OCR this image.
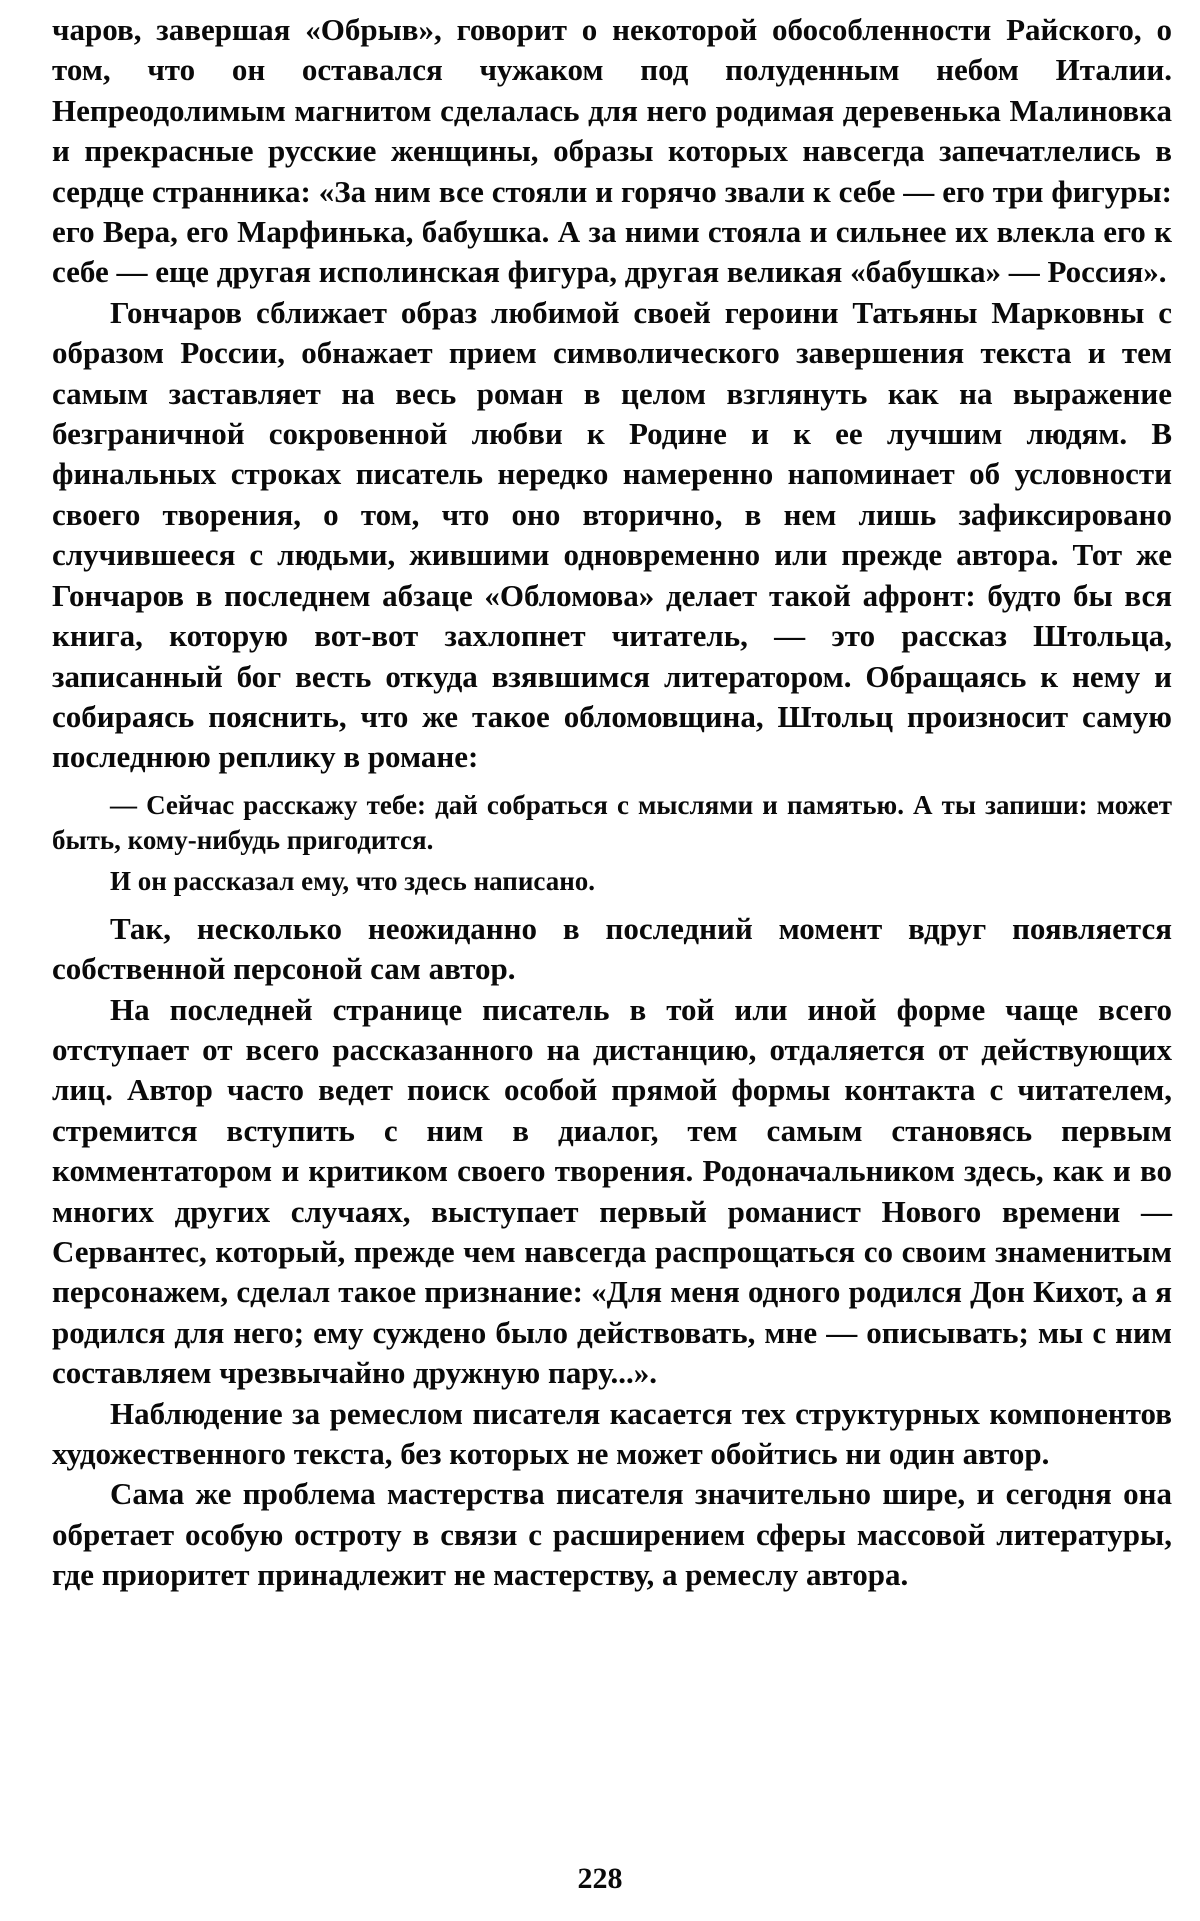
чаров, завершая «Обрыв», говорит о некоторой обособленности Райского, о том, что он оставался чужаком под полуденным небом Италии. Непреодолимым магнитом сделалась для него родимая деревенька Малиновка и прекрасные русские женщины, образы которых навсегда запечатлелись в сердце странника: «За ним все стояли и горячо звали к себе — его три фигуры: его Вера, его Марфинька, бабушка. А за ними стояла и сильнее их влекла его к себе — еще другая исполинская фигура, другая великая «бабушка» — Россия».

Гончаров сближает образ любимой своей героини Татьяны Марковны с образом России, обнажает прием символического завершения текста и тем самым заставляет на весь роман в целом взглянуть как на выражение безграничной сокровенной любви к Родине и к ее лучшим людям. В финальных строках писатель нередко намеренно напоминает об условности своего творения, о том, что оно вторично, в нем лишь зафиксировано случившееся с людьми, жившими одновременно или прежде автора. Тот же Гончаров в последнем абзаце «Обломова» делает такой афронт: будто бы вся книга, которую вот-вот захлопнет читатель, — это рассказ Штольца, записанный бог весть откуда взявшимся литератором. Обращаясь к нему и собираясь пояснить, что же такое обломовщина, Штольц произносит самую последнюю реплику в романе:

— Сейчас расскажу тебе: дай собраться с мыслями и памятью. А ты запиши: может быть, кому-нибудь пригодится.

И он рассказал ему, что здесь написано.

Так, несколько неожиданно в последний момент вдруг появляется собственной персоной сам автор.

На последней странице писатель в той или иной форме чаще всего отступает от всего рассказанного на дистанцию, отдаляется от действующих лиц. Автор часто ведет поиск особой прямой формы контакта с читателем, стремится вступить с ним в диалог, тем самым становясь первым комментатором и критиком своего творения. Родоначальником здесь, как и во многих других случаях, выступает первый романист Нового времени — Сервантес, который, прежде чем навсегда распрощаться со своим знаменитым персонажем, сделал такое признание: «Для меня одного родился Дон Кихот, а я родился для него; ему суждено было действовать, мне — описывать; мы с ним составляем чрезвычайно дружную пару...».

Наблюдение за ремеслом писателя касается тех структурных компонентов художественного текста, без которых не может обойтись ни один автор.

Сама же проблема мастерства писателя значительно шире, и сегодня она обретает особую остроту в связи с расширением сферы массовой литературы, где приоритет принадлежит не мастерству, а ремеслу автора.

228
